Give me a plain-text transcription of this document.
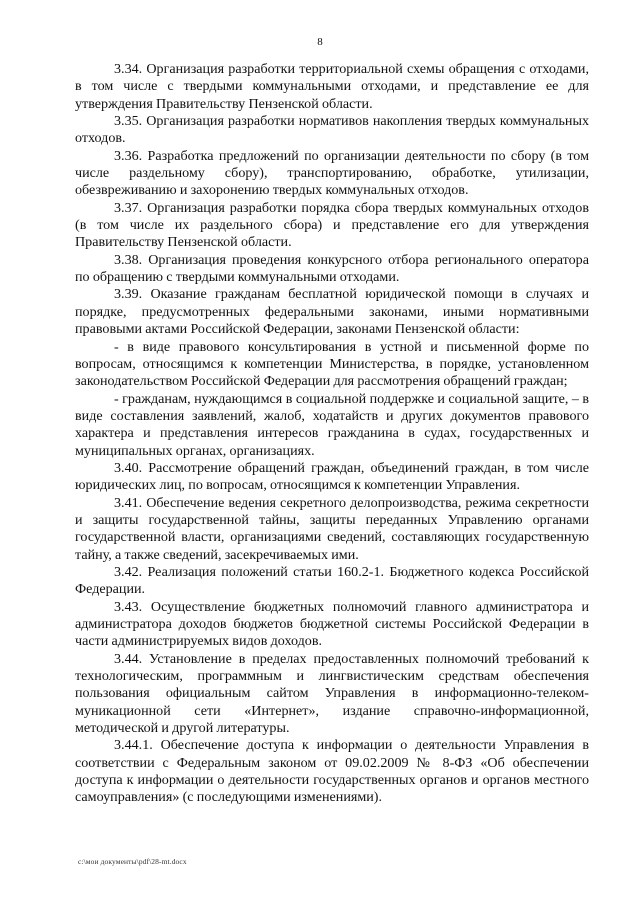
8

3.34. Организация разработки территориальной схемы обращения с отходами, в том числе с твердыми коммунальными отходами, и представление ее для утверждения Правительству Пензенской области.

3.35. Организация разработки нормативов накопления твердых коммунальных отходов.

3.36. Разработка предложений по организации деятельности по сбору (в том числе раздельному сбору), транспортированию, обработке, утилизации, обезвреживанию и захоронению твердых коммунальных отходов.

3.37. Организация разработки порядка сбора твердых коммунальных отходов (в том числе их раздельного сбора) и представление его для утверждения Правительству Пензенской области.

3.38. Организация проведения конкурсного отбора регионального оператора по обращению с твердыми коммунальными отходами.

3.39. Оказание гражданам бесплатной юридической помощи в случаях и порядке, предусмотренных федеральными законами, иными нормативными правовыми актами Российской Федерации, законами Пензенской области:

- в виде правового консультирования в устной и письменной форме по вопросам, относящимся к компетенции Министерства, в порядке, установленном законодательством Российской Федерации для рассмотрения обращений граждан;

- гражданам, нуждающимся в социальной поддержке и социальной защите, – в виде составления заявлений, жалоб, ходатайств и других документов правового характера и представления интересов гражданина в судах, государственных и муниципальных органах, организациях.

3.40. Рассмотрение обращений граждан, объединений граждан, в том числе юридических лиц, по вопросам, относящимся к компетенции Управления.

3.41. Обеспечение ведения секретного делопроизводства, режима секретности и защиты государственной тайны, защиты переданных Управлению органами государственной власти, организациями сведений, составляющих государственную тайну, а также сведений, засекречиваемых ими.

3.42. Реализация положений статьи 160.2-1. Бюджетного кодекса Российской Федерации.

3.43. Осуществление бюджетных полномочий главного администратора и администратора доходов бюджетов бюджетной системы Российской Федерации в части администрируемых видов доходов.

3.44. Установление в пределах предоставленных полномочий требований к технологическим, программным и лингвистическим средствам обеспечения пользования официальным сайтом Управления в информационно-телекоммуникационной сети «Интернет», издание справочно-информационной, методической и другой литературы.

3.44.1. Обеспечение доступа к информации о деятельности Управления в соответствии с Федеральным законом от 09.02.2009 № 8-ФЗ «Об обеспечении доступа к информации о деятельности государственных органов и органов местного самоуправления» (с последующими изменениями).

c:\мои документы\pdf\28-mt.docx
